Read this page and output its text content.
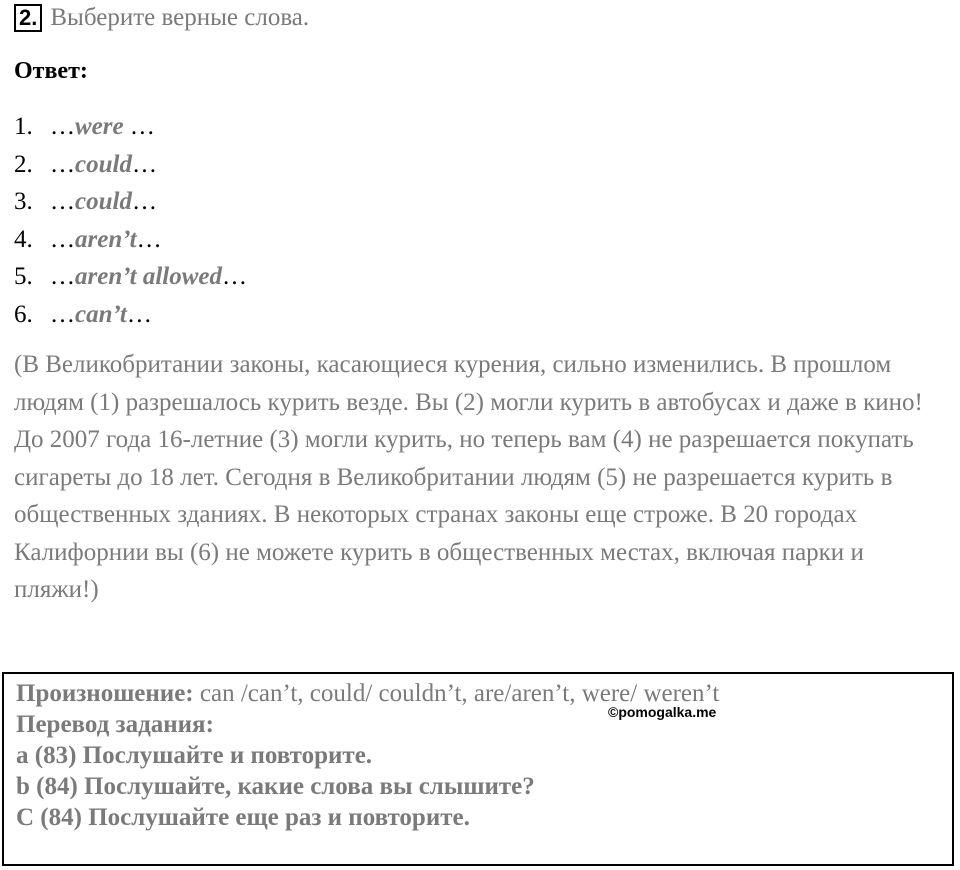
2. Выберите верные слова.
Ответ:
1. …were …
2. …could…
3. …could…
4. …aren’t…
5. …aren’t allowed…
6. …can’t…

(В Великобритании законы, касающиеся курения, сильно изменились. В прошлом людям (1) разрешалось курить везде. Вы (2) могли курить в автобусах и даже в кино! До 2007 года 16-летние (3) могли курить, но теперь вам (4) не разрешается покупать сигареты до 18 лет. Сегодня в Великобритании людям (5) не разрешается курить в общественных зданиях. В некоторых странах законы еще строже. В 20 городах Калифорнии вы (6) не можете курить в общественных местах, включая парки и пляжи!)

Произношение: can /can’t, could/ couldn’t, are/aren’t, were/ weren’t
Перевод задания:
a (83) Послушайте и повторите.
b (84) Послушайте, какие слова вы слышите?
C (84) Послушайте еще раз и повторите.
©pomogalka.me
